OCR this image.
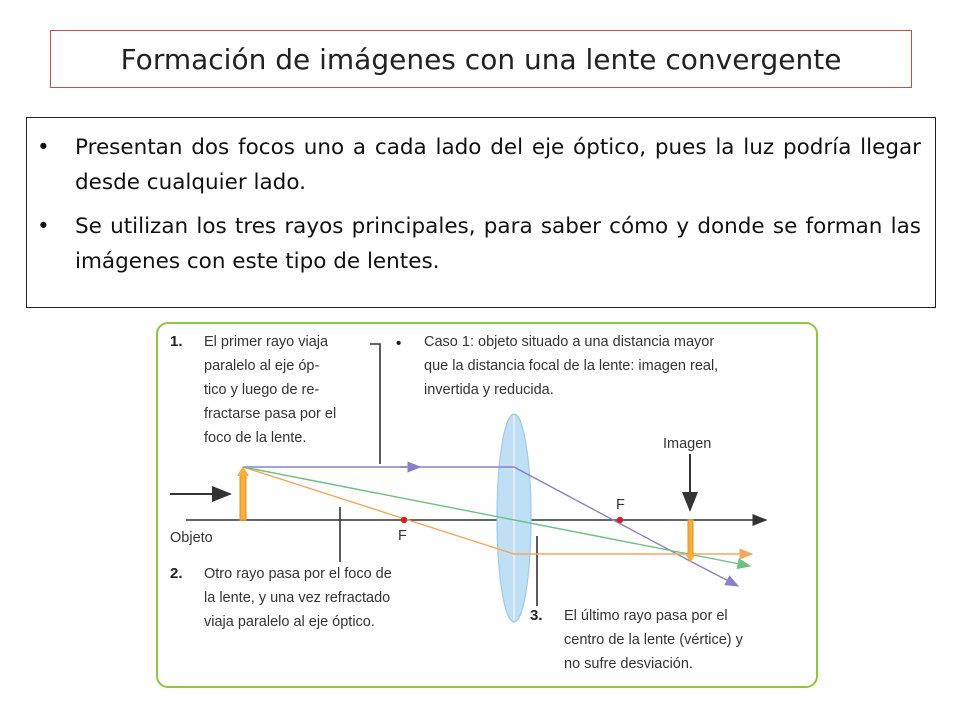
Formación de imágenes con una lente convergente
• Presentan dos focos uno a cada lado del eje óptico, pues la luz podría llegar desde cualquier lado.
• Se utilizan los tres rayos principales, para saber cómo y donde se forman las imágenes con este tipo de lentes.
1. El primer rayo viaja paralelo al eje óp- tico y luego de re- fractarse pasa por el foco de la lente.
• Caso 1: objeto situado a una distancia mayor que la distancia focal de la lente: imagen real, invertida y reducida.
Imagen
Objeto
2. Otro rayo pasa por el foco de la lente, y una vez refractado viaja paralelo al eje óptico.	3. El último rayo pasa por el centro de la lente (vértice) y no sufre desviación.
F
F
